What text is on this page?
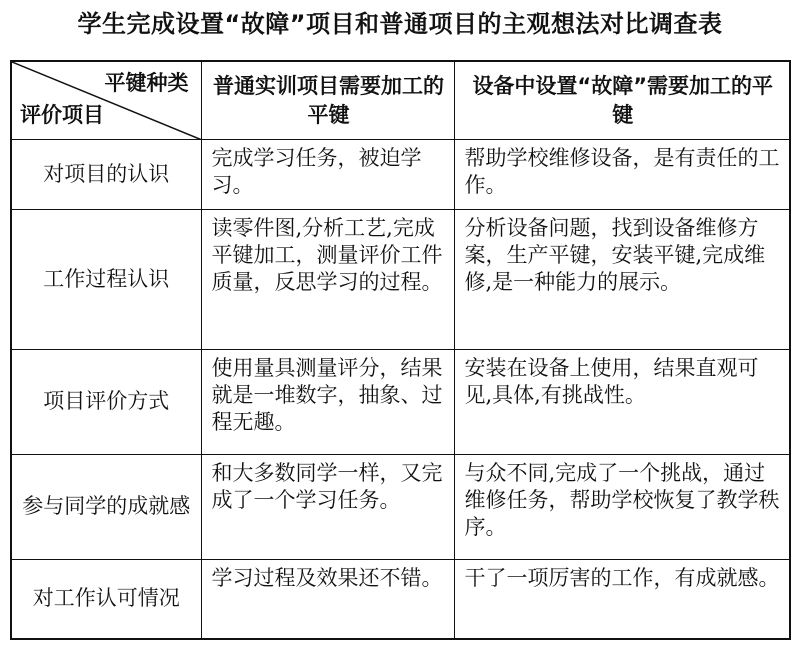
学生完成设置“故障”项目和普通项目的主观想法对比调查表
平键种类
评价项目	普通实训项目需要加工的平键	设备中设置“故障”需要加工的平键
对项目的认识	完成学习任务，被迫学习。	帮助学校维修设备，是有责任的工作。
工作过程认识	读零件图,分析工艺,完成平键加工，测量评价工件质量，反思学习的过程。	分析设备问题，找到设备维修方案，生产平键，安装平键,完成维修,是一种能力的展示。
项目评价方式	使用量具测量评分，结果就是一堆数字，抽象、过程无趣。	安装在设备上使用，结果直观可见,具体,有挑战性。
参与同学的成就感	和大多数同学一样，又完成了一个学习任务。	与众不同,完成了一个挑战，通过维修任务，帮助学校恢复了教学秩序。
对工作认可情况	学习过程及效果还不错。	干了一项厉害的工作，有成就感。
